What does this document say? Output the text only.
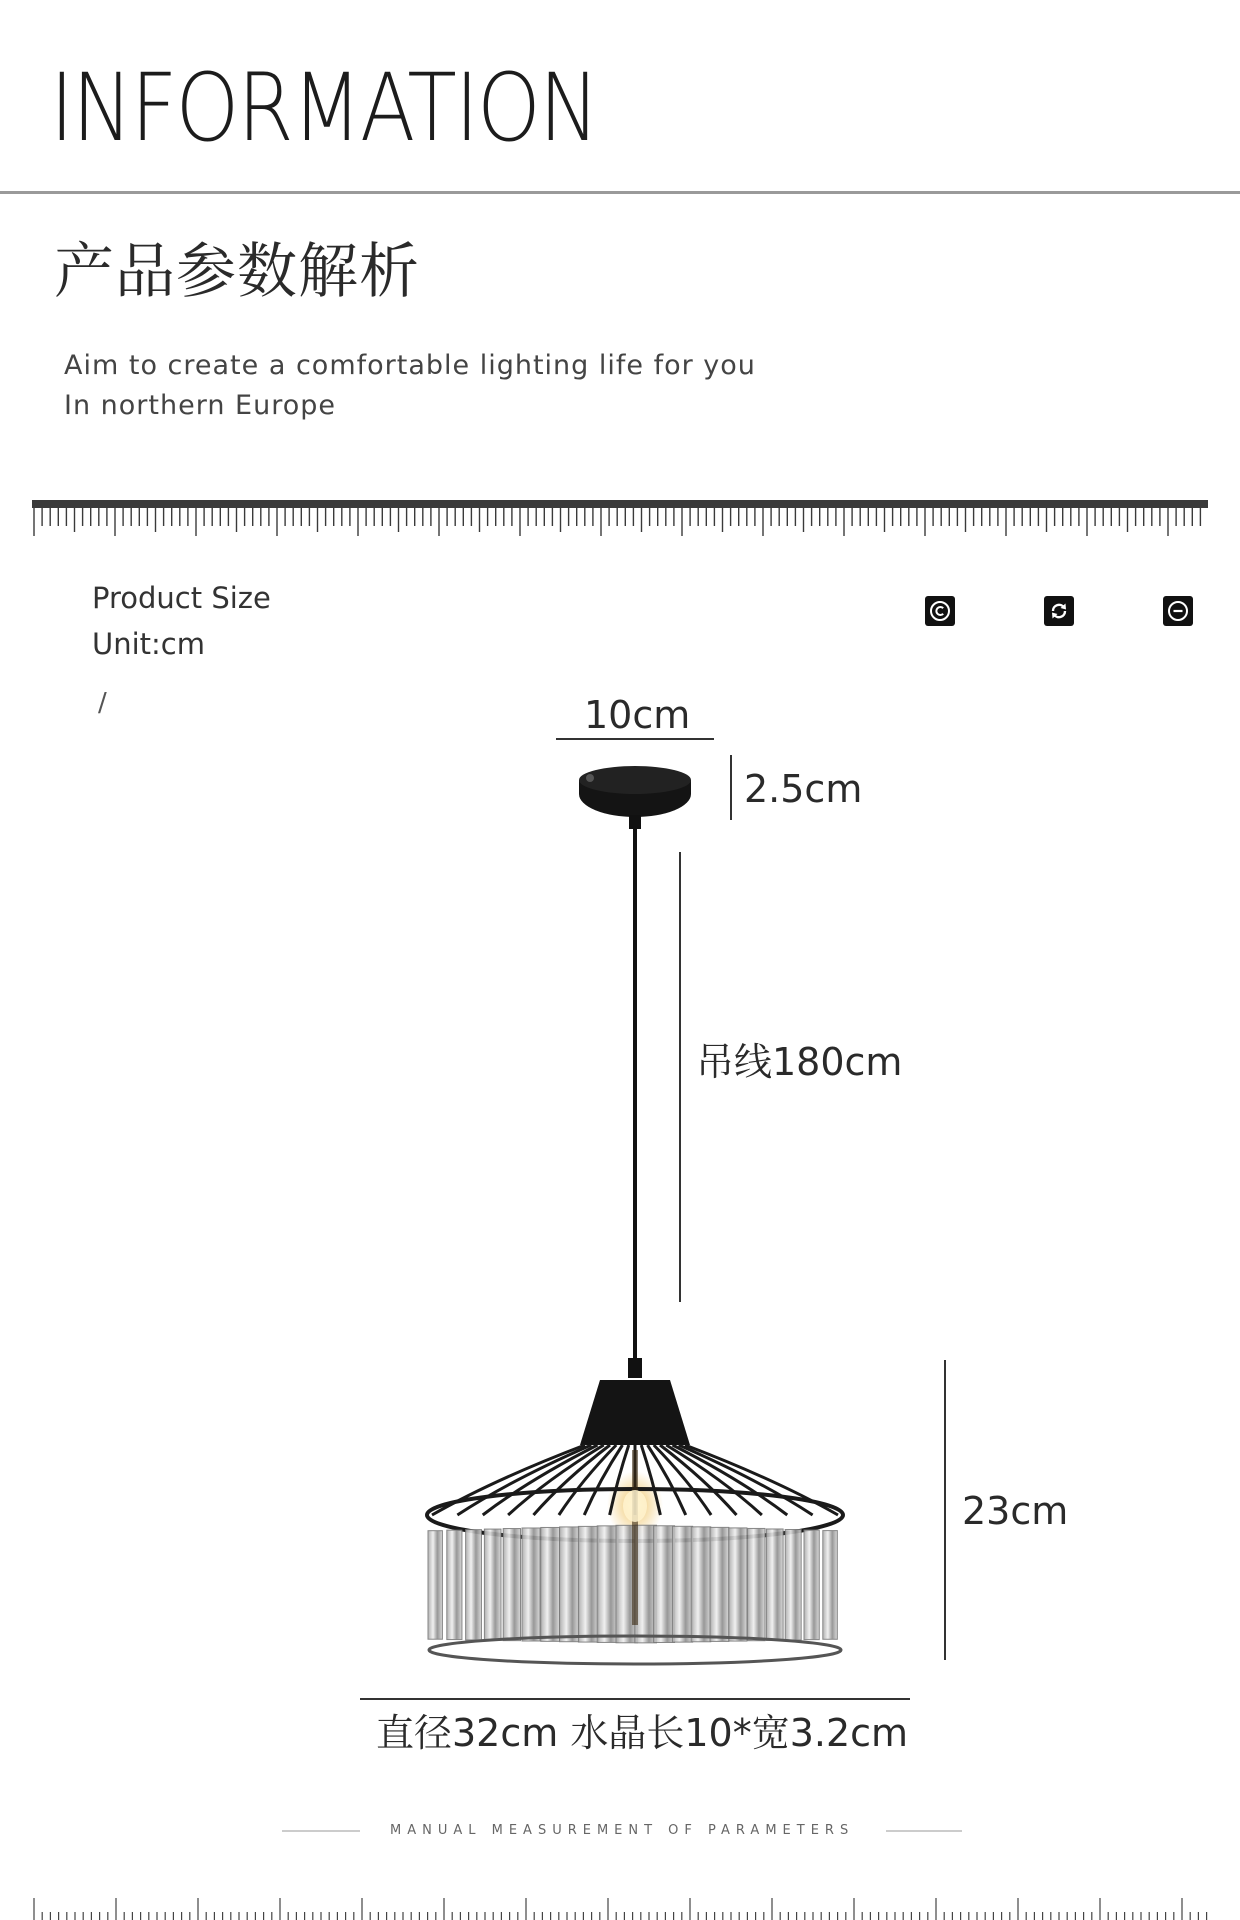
INFORMATION
产品参数解析
Aim to create a comfortable lighting life for you
In northern Europe
Product Size
Unit:cm
/	10cm
2.5cm
吊线180cm
23cm
直径32cm 水晶长10*宽3.2cm
MANUAL MEASUREMENT OF PARAMETERS
